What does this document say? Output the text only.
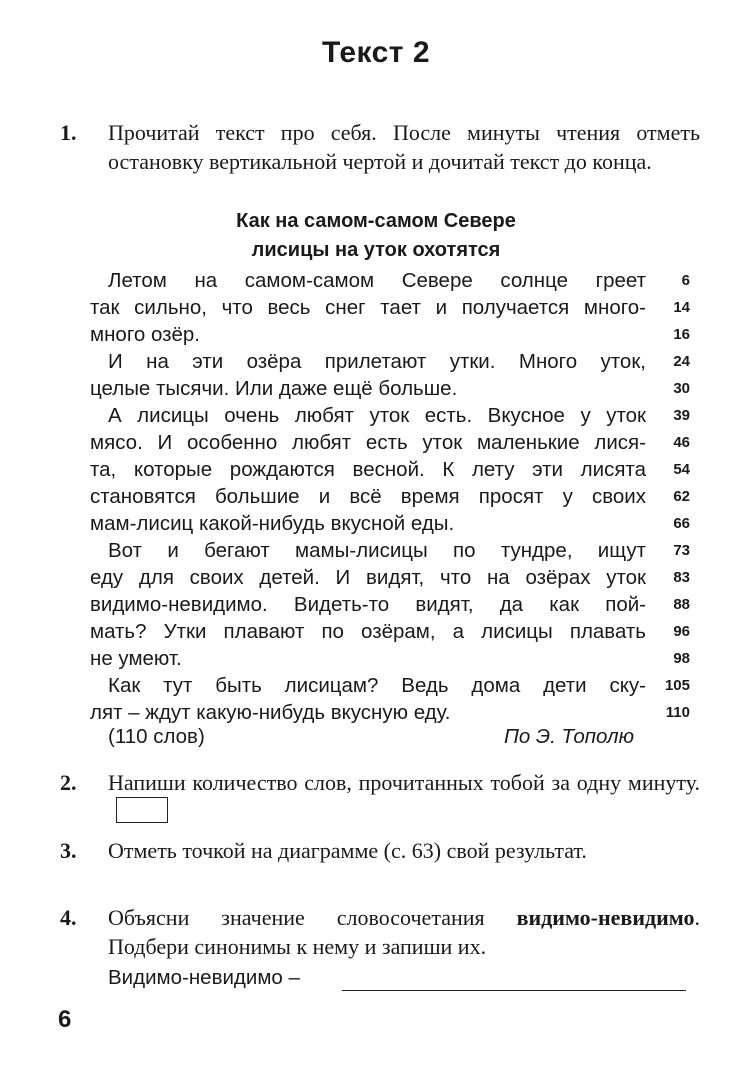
Текст 2
1. Прочитай текст про себя. После минуты чтения отметь остановку вертикальной чертой и дочитай текст до конца.
Как на самом-самом Севере
лисицы на уток охотятся
Летом на самом-самом Севере солнце греет	6
так сильно, что весь снег тает и получается много-	14
много озёр.	16
И на эти озёра прилетают утки. Много уток,	24
целые тысячи. Или даже ещё больше.	30
А лисицы очень любят уток есть. Вкусное у уток	39
мясо. И особенно любят есть уток маленькие лися-	46
та, которые рождаются весной. К лету эти лисята	54
становятся большие и всё время просят у своих	62
мам-лисиц какой-нибудь вкусной еды.	66
Вот и бегают мамы-лисицы по тундре, ищут	73
еду для своих детей. И видят, что на озёрах уток	83
видимо-невидимо. Видеть-то видят, да как пой-	88
мать? Утки плавают по озёрам, а лисицы плавать	96
не умеют.	98
Как тут быть лисицам? Ведь дома дети ску-	105
лят – ждут какую-нибудь вкусную еду.	110
(110 слов)	По Э. Тополю
2. Напиши количество слов, прочитанных тобой за одну минуту.
3. Отметь точкой на диаграмме (с. 63) свой результат.
4. Объясни значение словосочетания видимо-невидимо. Подбери синонимы к нему и запиши их.
Видимо-невидимо –
6
